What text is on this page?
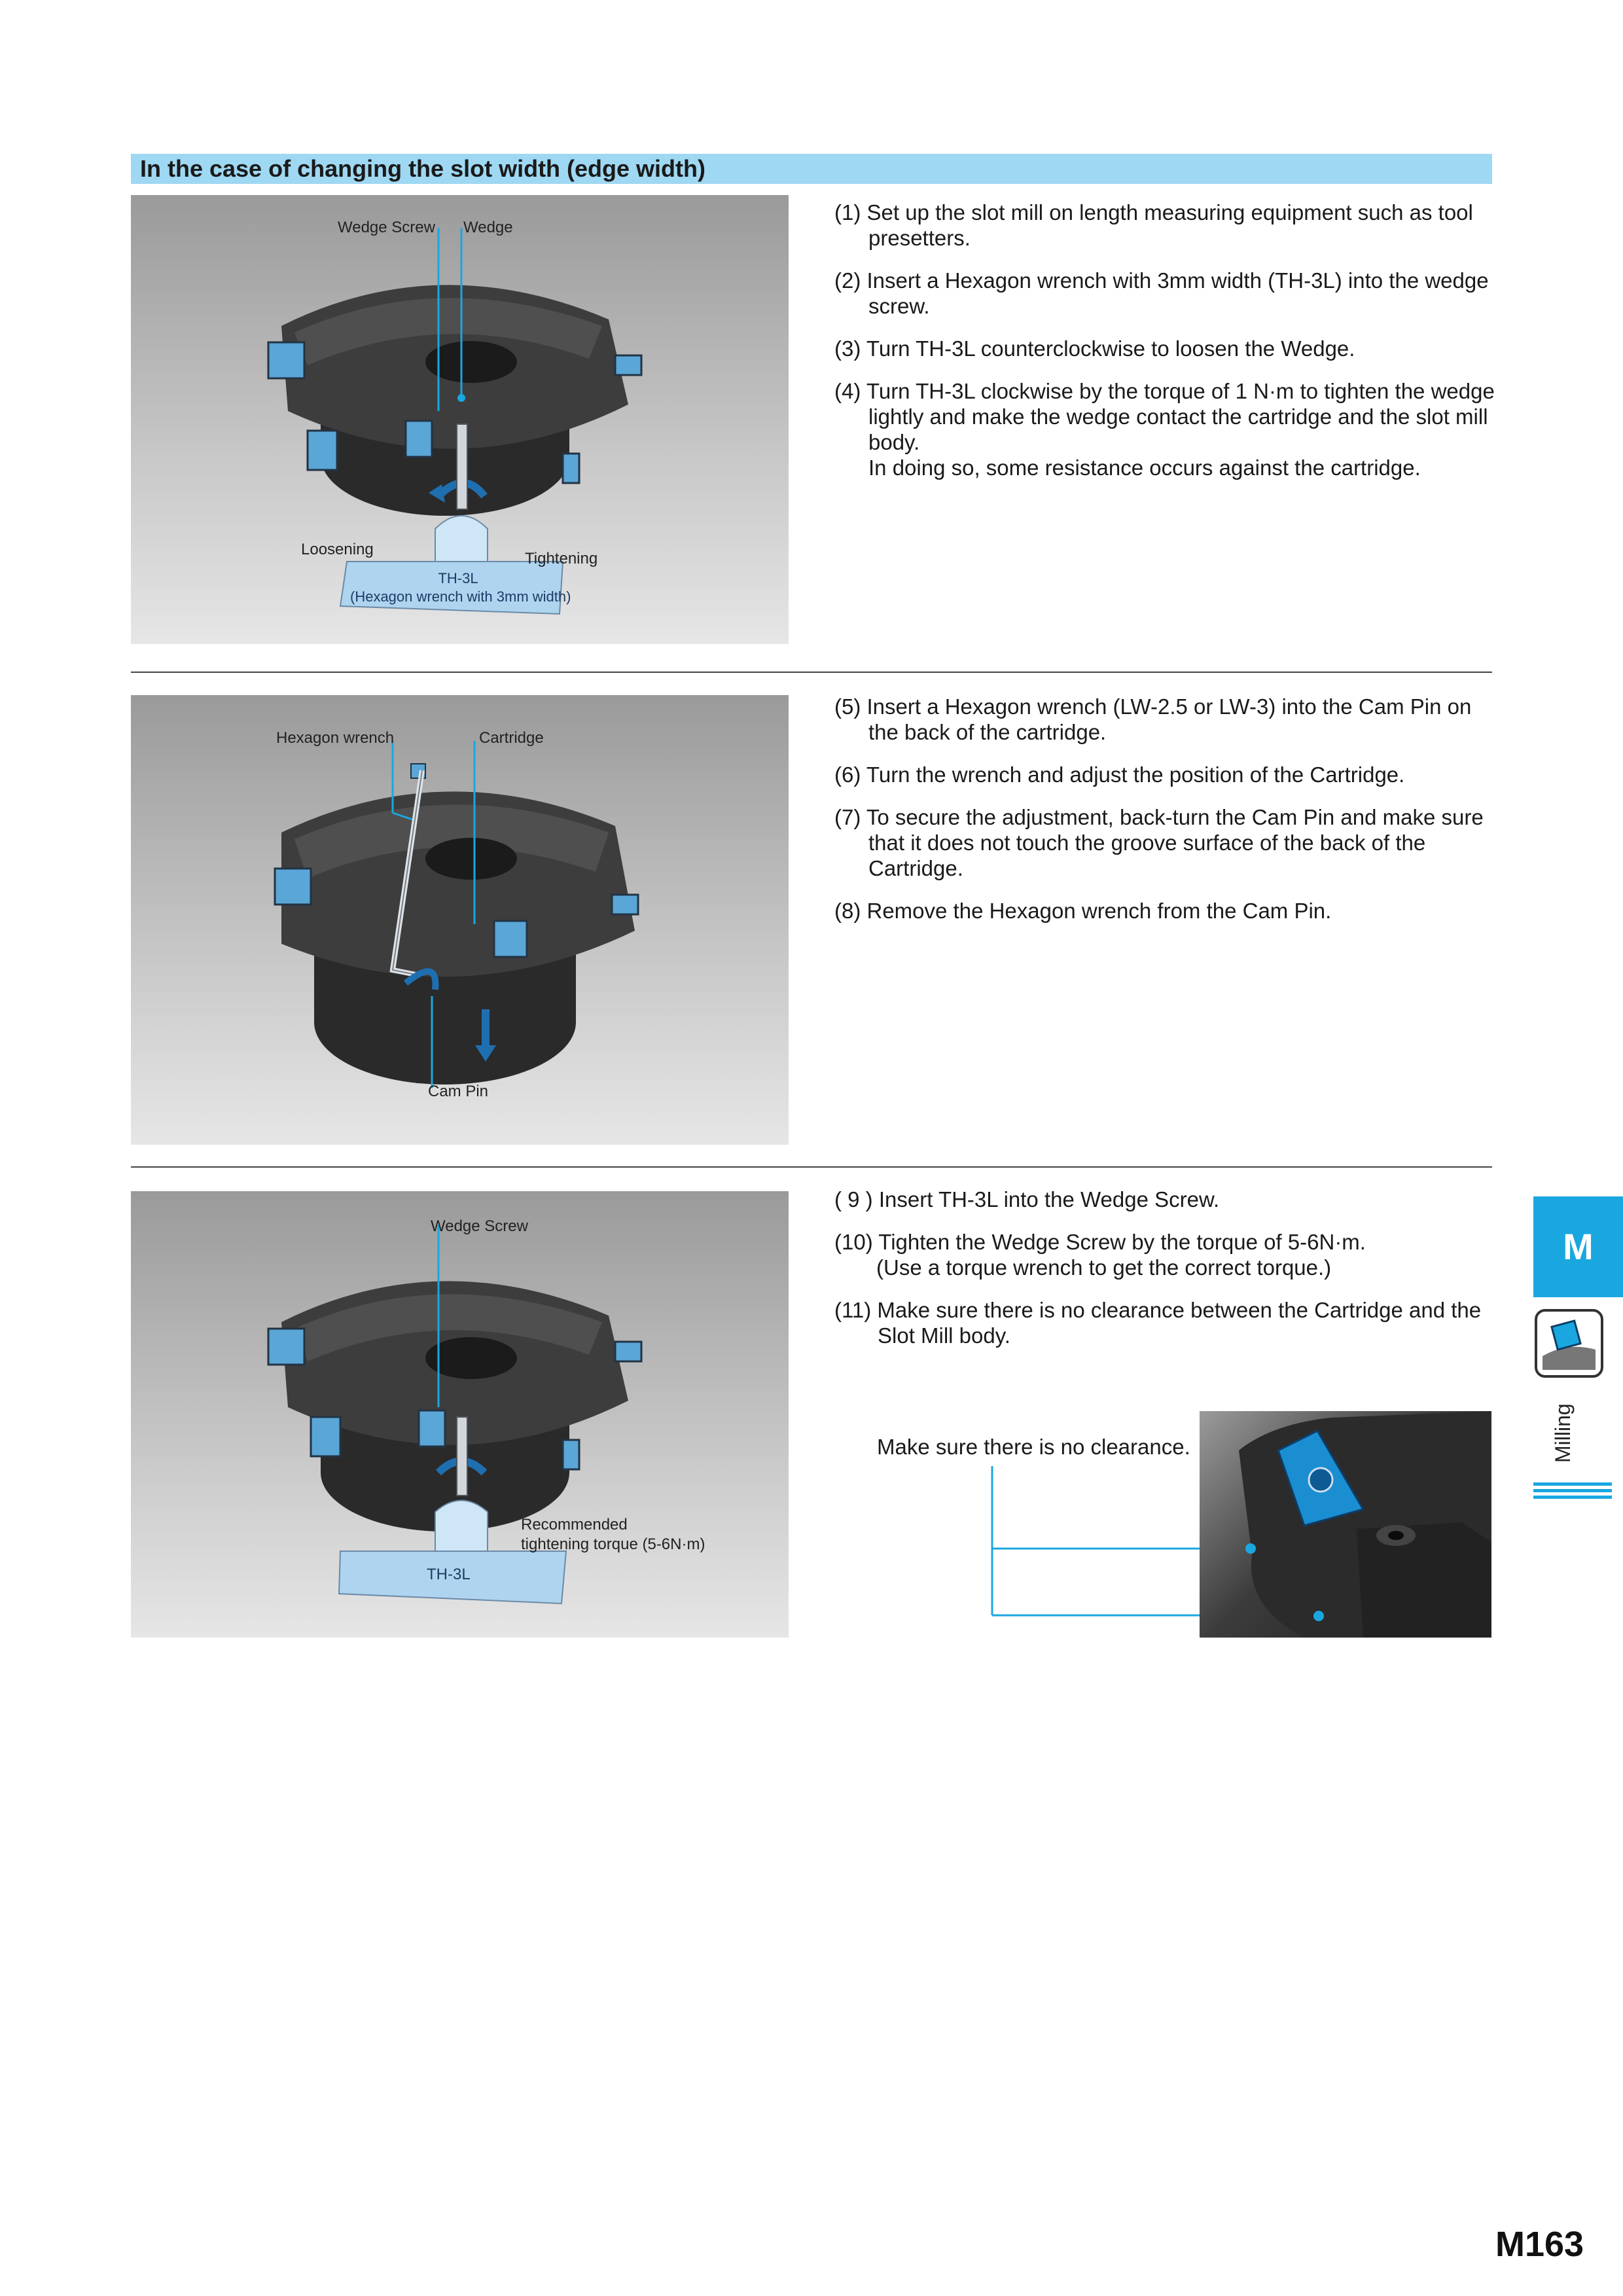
In the case of changing the slot width (edge width)
Wedge Screw Wedge
Loosening
Tightening
TH-3L
(Hexagon wrench with 3mm width)

(1) Set up the slot mill on length measuring equipment such as tool presetters.

(2) Insert a Hexagon wrench with 3mm width (TH-3L) into the wedge screw.

(3) Turn TH-3L counterclockwise to loosen the Wedge.

(4) Turn TH-3L clockwise by the torque of 1 N·m to tighten the wedge lightly and make the wedge contact the cartridge and the slot mill body.

In doing so, some resistance occurs against the cartridge.

Hexagon wrench	Cartridge
Cam Pin

(5) Insert a Hexagon wrench (LW-2.5 or LW-3) into the Cam Pin on the back of the cartridge.

(6) Turn the wrench and adjust the position of the Cartridge.

(7) To secure the adjustment, back-turn the Cam Pin and make sure that it does not touch the groove surface of the back of the Cartridge.

(8) Remove the Hexagon wrench from the Cam Pin.

Wedge Screw
Recommended
tightening torque (5-6N·m)
TH-3L

( 9 ) Insert TH-3L into the Wedge Screw.

(10) Tighten the Wedge Screw by the torque of 5-6N·m.

(Use a torque wrench to get the correct torque.)

(11) Make sure there is no clearance between the Cartridge and the Slot Mill body.

Make sure there is no clearance.
M
Milling
M163
